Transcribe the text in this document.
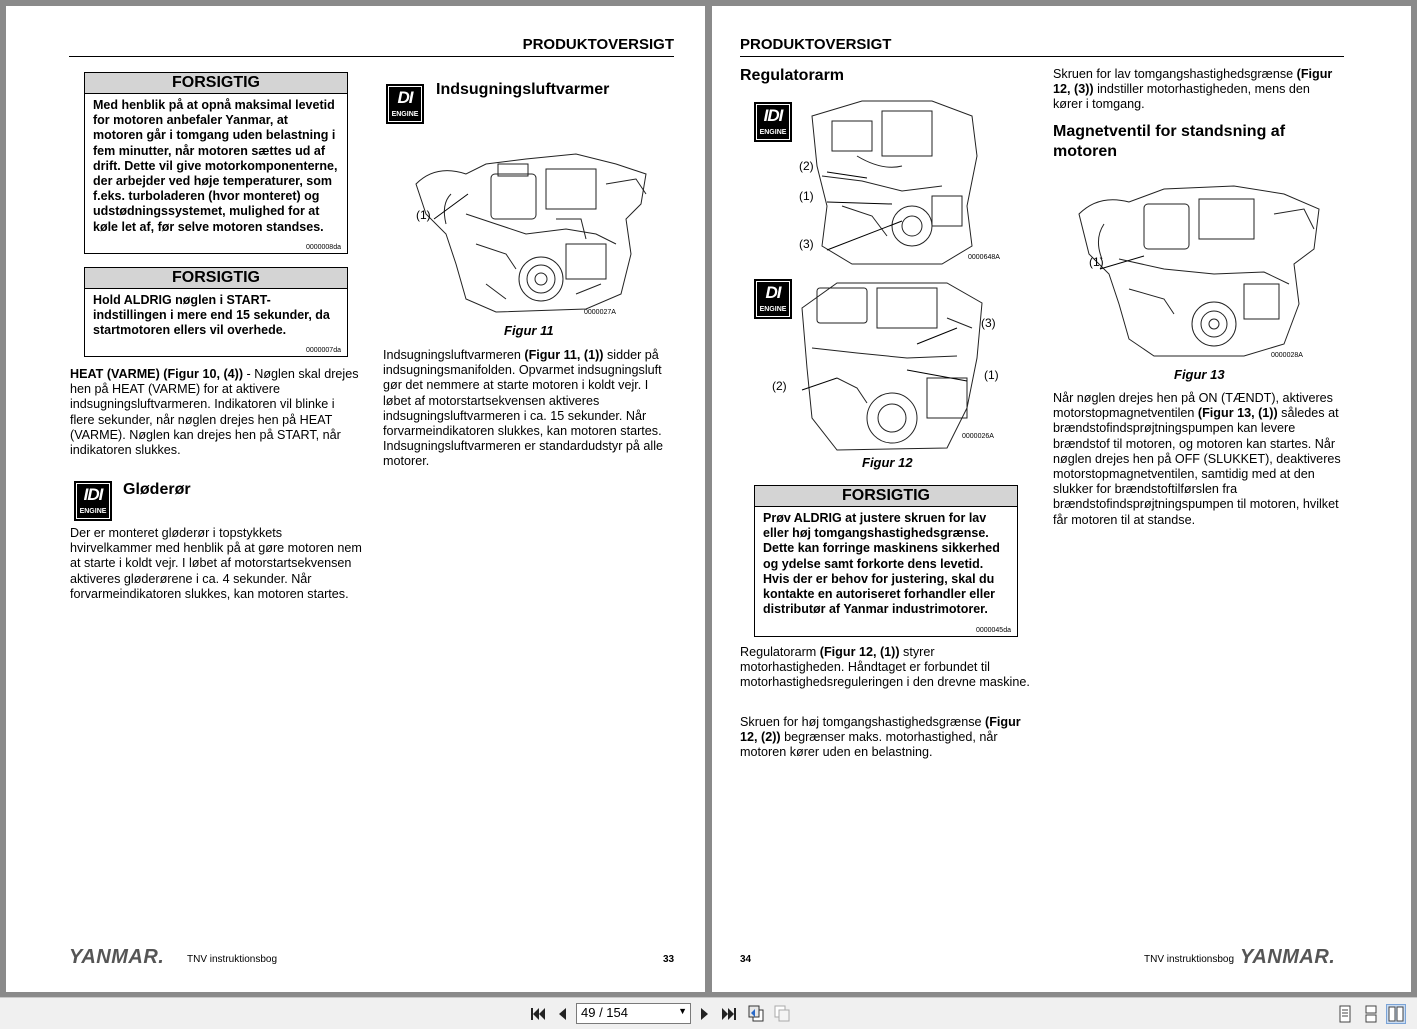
PRODUKTOVERSIGT
FORSIGTIG
Med henblik på at opnå maksimal levetid for motoren anbefaler Yanmar, at motoren går i tomgang uden belastning i fem minutter, når motoren sættes ud af drift. Dette vil give motorkomponenterne, der arbejder ved høje temperaturer, som f.eks. turboladeren (hvor monteret) og udstødningssystemet, mulighed for at køle let af, før selve motoren standses.
0000008da
FORSIGTIG
Hold ALDRIG nøglen i START-indstillingen i mere end 15 sekunder, da startmotoren ellers vil overhede.
0000007da
HEAT (VARME) (Figur 10, (4)) - Nøglen skal drejes hen på HEAT (VARME) for at aktivere indsugningsluftvarmeren. Indikatoren vil blinke i flere sekunder, når nøglen drejes hen på HEAT (VARME). Nøglen kan drejes hen på START, når indikatoren slukkes.
IDI
ENGINE
Gløderør
Der er monteret gløderør i topstykkets hvirvelkammer med henblik på at gøre motoren nem at starte i koldt vejr. I løbet af motorstartsekvensen aktiveres gløderørene i ca. 4 sekunder. Når forvarmeindikatoren slukkes, kan motoren startes.
DI
ENGINE
Indsugningsluftvarmer
(1)
0000027A
Figur 11
Indsugningsluftvarmeren (Figur 11, (1)) sidder på indsugningsmanifolden. Opvarmet indsugningsluft gør det nemmere at starte motoren i koldt vejr. I løbet af motorstartsekvensen aktiveres indsugningsluftvarmeren i ca. 15 sekunder. Når forvarmeindikatoren slukkes, kan motoren startes. Indsugningsluftvarmeren er standardudstyr på alle motorer.
YANMAR. TNV instruktionsbog	33
PRODUKTOVERSIGT
Regulatorarm
IDI
ENGINE
(2)
(1)
(3)
0000648A
DI
ENGINE
(3)
(1)
(2)
0000026A
Figur 12
FORSIGTIG
Prøv ALDRIG at justere skruen for lav eller høj tomgangshastighedsgrænse. Dette kan forringe maskinens sikkerhed og ydelse samt forkorte dens levetid. Hvis der er behov for justering, skal du kontakte en autoriseret forhandler eller distributør af Yanmar industrimotorer.
0000045da
Regulatorarm (Figur 12, (1)) styrer motorhastigheden. Håndtaget er forbundet til motorhastighedsreguleringen i den drevne maskine.
Skruen for høj tomgangshastighedsgrænse (Figur 12, (2)) begrænser maks. motorhastighed, når motoren kører uden en belastning.
Skruen for lav tomgangshastighedsgrænse (Figur 12, (3)) indstiller motorhastigheden, mens den kører i tomgang.
Magnetventil for standsning af motoren
(1)
0000028A
Figur 13
Når nøglen drejes hen på ON (TÆNDT), aktiveres motorstopmagnetventilen (Figur 13, (1)) således at brændstofindsprøjtningspumpen kan levere brændstof til motoren, og motoren kan startes. Når nøglen drejes hen på OFF (SLUKKET), deaktiveres motorstopmagnetventilen, samtidig med at den slukker for brændstoftilførslen fra brændstofindsprøjtningspumpen til motoren, hvilket får motoren til at standse.
34	TNV instruktionsbog YANMAR.
49 / 154	▼
